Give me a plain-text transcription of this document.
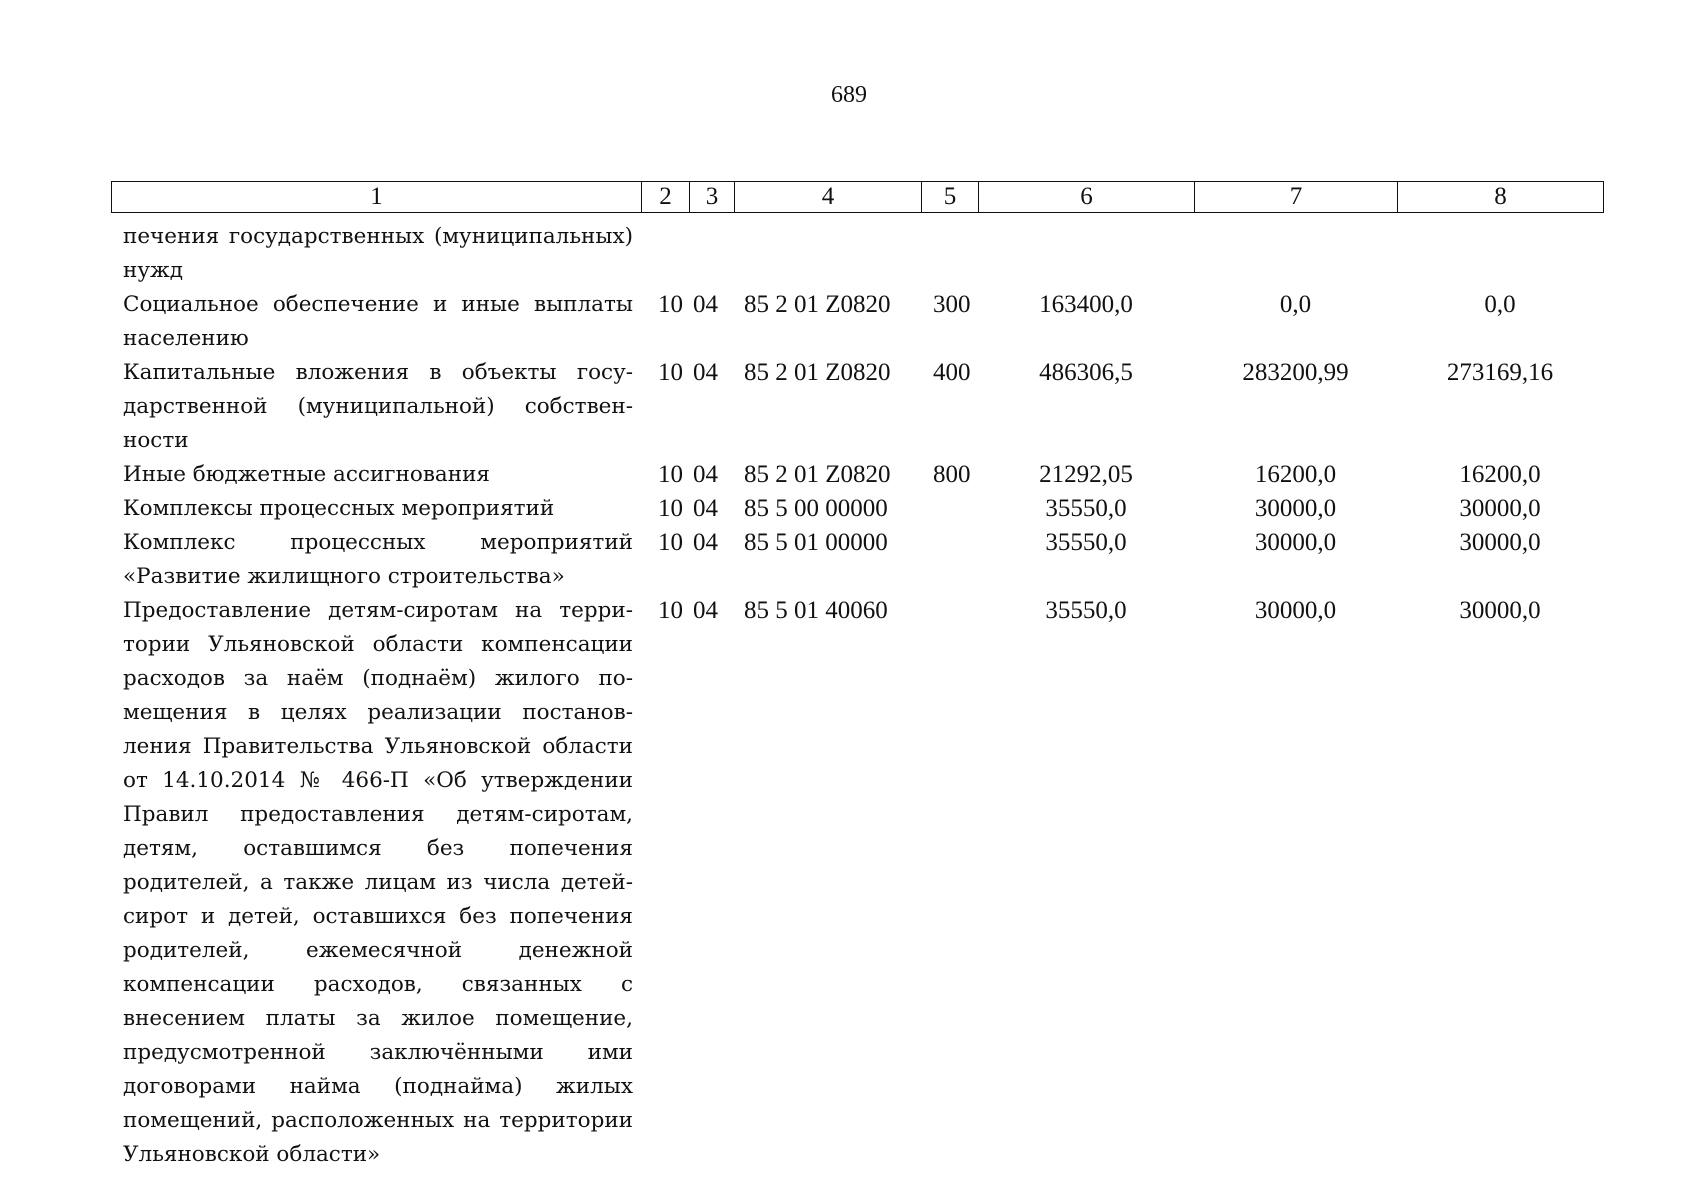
689
1	2	3	4	5	6	7	8
печения государственных (муниципальных) нужд							
Социальное обеспечение и иные выплаты населению	10	04	85 2 01 Z0820	300	163400,0	0,0	0,0
Капитальные вложения в объекты государственной (муниципальной) собственности	10	04	85 2 01 Z0820	400	486306,5	283200,99	273169,16
Иные бюджетные ассигнования	10	04	85 2 01 Z0820	800	21292,05	16200,0	16200,0
Комплексы процессных мероприятий	10	04	85 5 00 00000		35550,0	30000,0	30000,0
Комплекс процессных мероприятий «Развитие жилищного строительства»	10	04	85 5 01 00000		35550,0	30000,0	30000,0
Предоставление детям-сиротам на территории Ульяновской области компенсации расходов за наём (поднаём) жилого помещения в целях реализации постановления Правительства Ульяновской области от 14.10.2014 № 466-П «Об утверждении Правил предоставления детям-сиротам, детям, оставшимся без попечения родителей, а также лицам из числа детей-сирот и детей, оставшихся без попечения родителей, ежемесячной денежной компенсации расходов, связанных с внесением платы за жилое помещение, предусмотренной заключёнными ими договорами найма (поднайма) жилых помещений, расположенных на территории Ульяновской области»	10	04	85 5 01 40060		35550,0	30000,0	30000,0
